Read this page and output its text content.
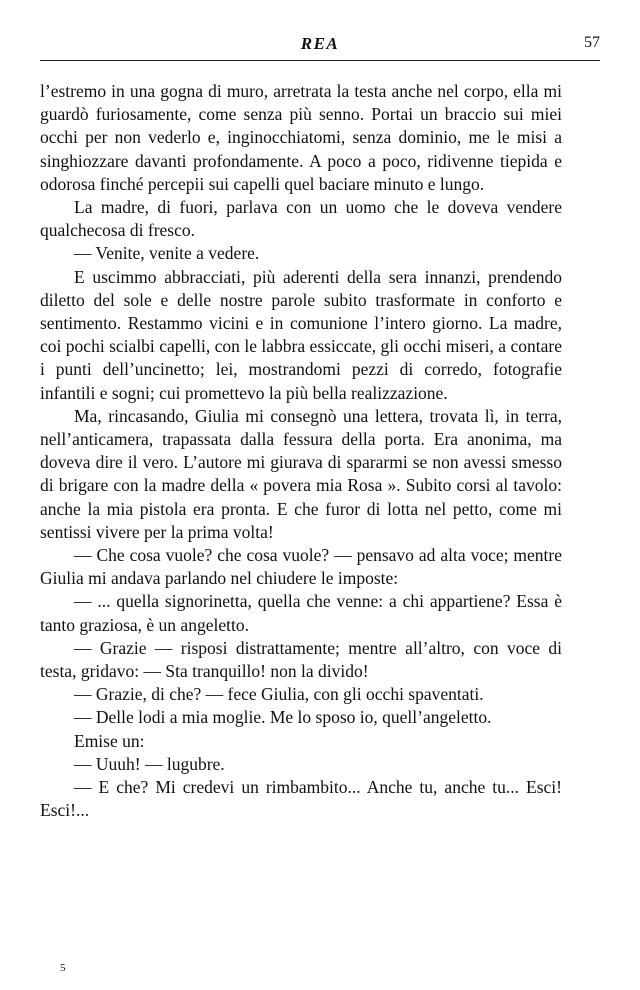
REA	57

l’estremo in una gogna di muro, arretrata la testa anche nel corpo, ella mi guardò furiosamente, come senza più senno. Portai un braccio sui miei occhi per non vederlo e, inginocchiatomi, senza dominio, me le misi a singhiozzare davanti profondamente. A poco a poco, ridivenne tiepida e odorosa finché percepii sui capelli quel baciare minuto e lungo.

La madre, di fuori, parlava con un uomo che le doveva vendere qualchecosa di fresco.

— Venite, venite a vedere.

E uscimmo abbracciati, più aderenti della sera innanzi, prendendo diletto del sole e delle nostre parole subito trasformate in conforto e sentimento. Restammo vicini e in comunione l’intero giorno. La madre, coi pochi scialbi capelli, con le labbra essiccate, gli occhi miseri, a contare i punti dell’uncinetto; lei, mostrandomi pezzi di corredo, fotografie infantili e sogni; cui promettevo la più bella realizzazione.

Ma, rincasando, Giulia mi consegnò una lettera, trovata lì, in terra, nell’anticamera, trapassata dalla fessura della porta. Era anonima, ma doveva dire il vero. L’autore mi giurava di spararmi se non avessi smesso di brigare con la madre della « povera mia Rosa ». Subito corsi al tavolo: anche la mia pistola era pronta. E che furor di lotta nel petto, come mi sentissi vivere per la prima volta!

— Che cosa vuole? che cosa vuole? — pensavo ad alta voce; mentre Giulia mi andava parlando nel chiudere le imposte:

— ... quella signorinetta, quella che venne: a chi appartiene? Essa è tanto graziosa, è un angeletto.

— Grazie — risposi distrattamente; mentre all’altro, con voce di testa, gridavo: — Sta tranquillo! non la divido!

— Grazie, di che? — fece Giulia, con gli occhi spaventati.

— Delle lodi a mia moglie. Me lo sposo io, quell’angeletto.

Emise un:

— Uuuh! — lugubre.

— E che? Mi credevi un rimbambito... Anche tu, anche tu... Esci! Esci!...

5
